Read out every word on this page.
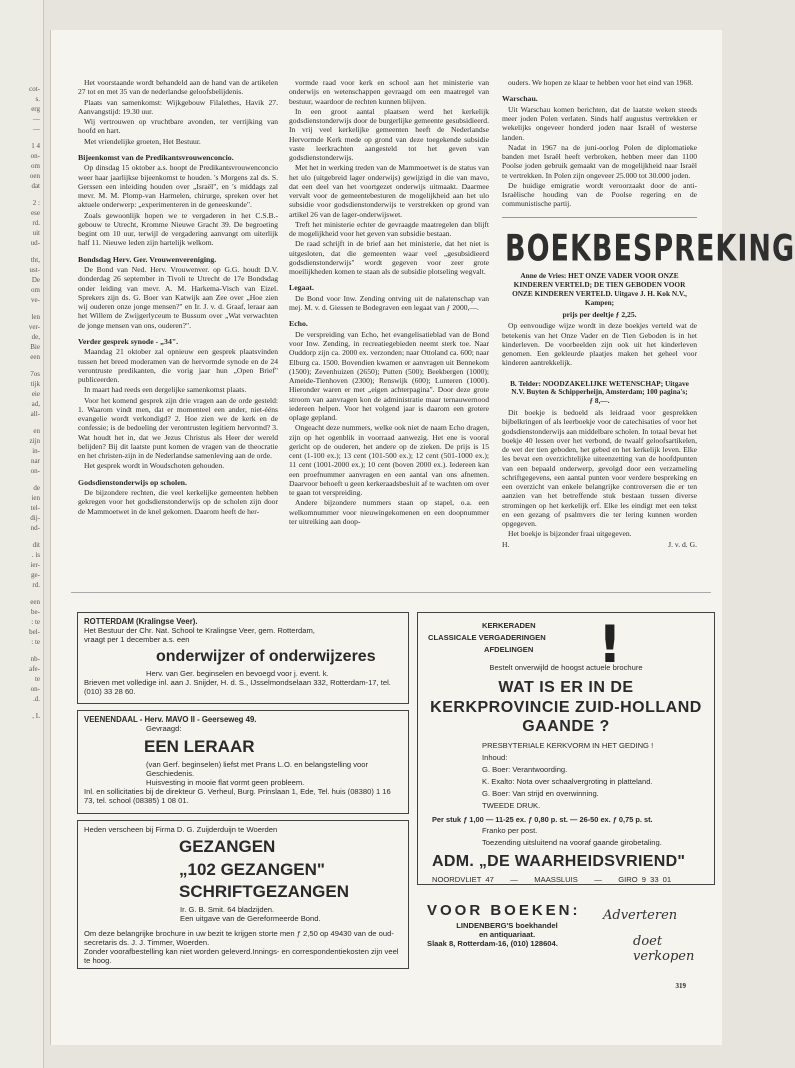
cot-
s.
erg
—
—
1 4
on-
om
oen
dat
2 :
ese
rd.
uit
ud-
tht,
ust-
De
om
ve-
len
ver-
de,
Bie
een
7os
tijk
eie
ad,
all-
en
zijn
in-
nar
on-
de
ien
tel-
dij-
nd-
dit
. is
ier-
ge-
rd.
een
be-
: te
bel-
: te
nb-
afe-
te
on-
.d.
, L

Het voorstaande wordt behandeld aan de hand van de artikelen 27 tot en met 35 van de nederlandse geloofsbelijdenis.

Plaats van samenkomst: Wijkgebouw Filalethes, Havik 27. Aanvangstijd: 19.30 uur.

Wij vertrouwen op vruchtbare avonden, ter verrijking van hoofd en hart.

Met vriendelijke groeten, Het Bestuur.

Bijeenkomst van de Predikantsvrouwenconcio.

Op dinsdag 15 oktober a.s. hoopt de Predikantsvrouwenconcio weer haar jaarlijkse bijeenkomst te houden. 's Morgens zal ds. S. Gerssen een inleiding houden over „Israël", en 's middags zal mevr. M. M. Plomp-van Harmelen, chirurge, spreken over het aktuele onderwerp: „experimenteren in de geneeskunde".

Zoals gewoonlijk hopen we te vergaderen in het C.S.B.-gebouw te Utrecht, Kromme Nieuwe Gracht 39. De begroeting begint om 10 uur, terwijl de vergadering aanvangt om uiterlijk half 11. Nieuwe leden zijn hartelijk welkom.

Bondsdag Herv. Ger. Vrouwenvereniging.

De Bond van Ned. Herv. Vrouwenver. op G.G. houdt D.V. donderdag 26 september in Tivoli te Utrecht de 17e Bondsdag onder leiding van mevr. A. M. Harkema-Visch van Eizel. Sprekers zijn ds. G. Boer van Katwijk aan Zee over „Hoe zien wij ouderen onze jonge mensen?" en Ir. J. v. d. Graaf, leraar aan het Willem de Zwijgerlyceum te Bussum over „Wat verwachten de jonge mensen van ons, ouderen?".

Verder gesprek synode - „34".

Maandag 21 oktober zal opnieuw een gesprek plaatsvinden tussen het breed moderamen van de hervormde synode en de 24 verontruste predikanten, die vorig jaar hun „Open Brief" publiceerden.

In maart had reeds een dergelijke samenkomst plaats.

Voor het komend gesprek zijn drie vragen aan de orde gesteld: 1. Waarom vindt men, dat er momenteel een ander, niet-ééns evangelie wordt verkondigd? 2. Hoe zien we de kerk en de confessie; is de bedoeling der verontrusten legitiem hervormd? 3. Wat houdt het in, dat we Jezus Christus als Heer der wereld belijden? Bij dit laatste punt komen de vragen van de theocratie en het christen-zijn in de Nederlandse samenleving aan de orde.

Het gesprek wordt in Woudschoten gehouden.

Godsdienstonderwijs op scholen.

De bijzondere rechten, die veel kerkelijke gemeenten hebben gekregen voor het godsdienstonderwijs op de scholen zijn door de Mammoetwet in de knel gekomen. Daarom heeft de her-

vormde raad voor kerk en school aan het ministerie van onderwijs en wetenschappen gevraagd om een maatregel van bestuur, waardoor de rechten kunnen blijven.

In een groot aantal plaatsen werd het kerkelijk godsdienstonderwijs door de burgerlijke gemeente gesubsidieerd. In vrij veel kerkelijke gemeenten heeft de Nederlandse Hervormde Kerk mede op grond van deze toegekende subsidie vaste leerkrachten aangesteld tot het geven van godsdienstonderwijs.

Met het in werking treden van de Mammoetwet is de status van het ulo (uitgebreid lager onderwijs) gewijzigd in die van mavo, dat een deel van het voortgezet onderwijs uitmaakt. Daarmee vervalt voor de gemeentebesturen de mogelijkheid aan het ulo subsidie voor godsdienstonderwijs te verstrekken op grond van artikel 26 van de lager-onderwijswet.

Treft het ministerie echter de gevraagde maatregelen dan blijft de mogelijkheid voor het geven van subsidie bestaan.

De raad schrijft in de brief aan het ministerie, dat het niet is uitgesloten, dat die gemeenten waar veel „gesubsidieerd godsdienstonderwijs" wordt gegeven voor zeer grote moeilijkheden komen te staan als de subsidie plotseling wegvalt.

Legaat.

De Bond voor Inw. Zending ontving uit de nalatenschap van mej. M. v. d. Giessen te Bodegraven een legaat van ƒ 2000,—.

Echo.

De verspreiding van Echo, het evangelisatieblad van de Bond voor Inw. Zending, in recreatiegebieden neemt sterk toe. Naar Ouddorp zijn ca. 2000 ex. verzonden; naar Ottoland ca. 600; naar Elburg ca. 1500. Bovendien kwamen er aanvragen uit Bennekom (1500); Zevenhuizen (2650); Putten (500); Beekbergen (1000); Ameide-Tienhoven (2300); Renswijk (600); Lunteren (1000). Hieronder waren er met „eigen achterpagina". Door deze grote stroom van aanvragen kon de administratie maar ternauwernood iedereen helpen. Voor het volgend jaar is daarom een grotere oplage gepland.

Ongeacht deze nummers, welke ook niet de naam Echo dragen, zijn op het ogenblik in voorraad aanwezig. Het ene is vooral gericht op de ouderen, het andere op de zieken. De prijs is 15 cent (1-100 ex.); 13 cent (101-500 ex.); 12 cent (501-1000 ex.); 11 cent (1001-2000 ex.); 10 cent (boven 2000 ex.). Iedereen kan een proefnummer aanvragen en een aantal van ons afnemen. Daarvoor behoeft u geen kerkeraadsbesluit af te wachten om over te gaan tot verspreiding.

Andere bijzondere nummers staan op stapel, o.a. een welkomnummer voor nieuwingekomenen en een doopnummer ter uitreiking aan doop-

ouders. We hopen ze klaar te hebben voor het eind van 1968.

Warschau.

Uit Warschau komen berichten, dat de laatste weken steeds meer joden Polen verlaten. Sinds half augustus vertrekken er wekelijks ongeveer honderd joden naar Israël of westerse landen.

Nadat in 1967 na de juni-oorlog Polen de diplomatieke banden met Israël heeft verbroken, hebben meer dan 1100 Poolse joden gebruik gemaakt van de mogelijkheid naar Israël te vertrekken. In Polen zijn ongeveer 25.000 tot 30.000 joden.

De huidige emigratie wordt veroorzaakt door de anti-Israëlische houding van de Poolse regering en de communistische partij.

BOEKBESPREKING
Anne de Vries: HET ONZE VADER VOOR ONZE KINDEREN VERTELD; DE TIEN GEBODEN VOOR ONZE KINDEREN VERTELD. Uitgave J. H. Kok N.V., Kampen;
prijs per deeltje ƒ 2,25.

Op eenvoudige wijze wordt in deze boekjes verteld wat de betekenis van het Onze Vader en de Tien Geboden is in het kinderleven. De voorbeelden zijn ook uit het kinderleven genomen. Een gekleurde plaatjes maken het geheel voor kinderen aantrekkelijk.

B. Telder: NOODZAKELIJKE WETENSCHAP; Uitgave N.V. Buyten & Schipperheijn, Amsterdam; 100 pagina's; ƒ 8,—.

Dit boekje is bedoeld als leidraad voor gesprekken bijbelkringen of als leerboekje voor de catechisaties of voor het godsdienstonderwijs aan middelbare scholen. In totaal bevat het boekje 40 lessen over het verbond, de twaalf geloofsartikelen, de wet der tien geboden, het gebed en het kerkelijk leven. Elke les bevat een overzichtelijke uiteenzetting van de hoofdpunten van een bepaald onderwerp, gevolgd door een verzameling schriftgegevens, een aantal punten voor verdere bespreking en een overzicht van enkele belangrijke controversen die er ten aanzien van het betreffende stuk bestaan tussen diverse stromingen op het kerkelijk erf. Elke les eindigt met een tekst en een gezang of psalmvers die ter lering kunnen worden opgegeven.

Het boekje is bijzonder fraai uitgegeven.

H.	J. v. d. G.
ROTTERDAM (Kralingse Veer).
Het Bestuur der Chr. Nat. School te Kralingse Veer, gem. Rotterdam,
vraagt per 1 december a.s. een
onderwijzer of onderwijzeres
Herv. van Ger. beginselen en bevoegd voor j. event. k.
Brieven met volledige inl. aan J. Snijder, H. d. S., IJsselmondselaan 332, Rotterdam-17, tel. (010) 33 28 60.
VEENENDAAL - Herv. MAVO II - Geerseweg 49.
Gevraagd:
EEN LERAAR
(van Gerf. beginselen) liefst met Prans L.O. en belangstelling voor Geschiedenis.
Huisvesting in mooie flat vormt geen probleem.
Inl. en sollicitaties bij de direkteur G. Verheul, Burg. Prinslaan 1, Ede, Tel. huis (08380) 1 16 73, tel. school (08385) 1 08 01.
Heden verscheen bij Firma D. G. Zuijderduijn te Woerden
GEZANGEN
„102 GEZANGEN"
SCHRIFTGEZANGEN
Ir. G. B. Smit. 64 bladzijden.
Een uitgave van de Gereformeerde Bond.
Om deze belangrijke brochure in uw bezit te krijgen storte men ƒ 2,50 op 49430 van de oud-secretaris ds. J. J. Timmer, Woerden.
Zonder voorafbestelling kan niet worden geleverd.Innings- en correspondentiekosten zijn veel te hoog.
KERKERADEN
CLASSICALE VERGADERINGEN
AFDELINGEN !
Bestelt onverwijld de hoogst actuele brochure
WAT IS ER IN DE
KERKPROVINCIE ZUID-HOLLAND
GAANDE ?
PRESBYTERIALE KERKVORM IN HET GEDING !
Inhoud:
G. Boer: Verantwoording.
K. Exalto: Nota over schaalvergroting in platteland.
G. Boer: Van strijd en overwinning.
TWEEDE DRUK.
Per stuk ƒ 1,00 — 11-25 ex. ƒ 0,80 p. st. — 26-50 ex. ƒ 0,75 p. st.
Franko per post.
Toezending uitsluitend na vooraf gaande girobetaling.
ADM. „DE WAARHEIDSVRIEND"
NOORDVLIET 47 — MAASSLUIS — GIRO 9 33 01
VOOR BOEKEN:
LINDENBERG'S boekhandel
en antiquariaat.
Slaak 8, Rotterdam-16, (010) 128604.
Adverteren
doet verkopen
319
